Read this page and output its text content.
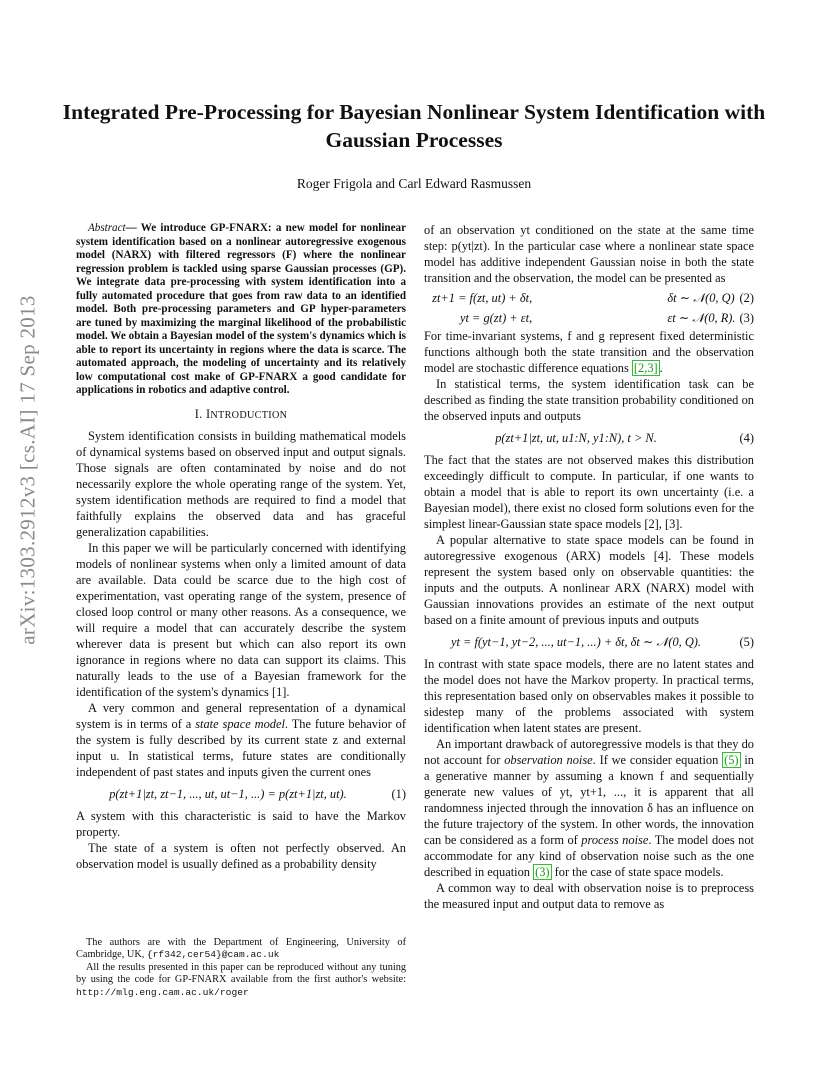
arXiv:1303.2912v3 [cs.AI] 17 Sep 2013
Integrated Pre-Processing for Bayesian Nonlinear System Identification with Gaussian Processes
Roger Frigola and Carl Edward Rasmussen

Abstract— We introduce GP-FNARX: a new model for nonlinear system identification based on a nonlinear autoregressive exogenous model (NARX) with filtered regressors (F) where the nonlinear regression problem is tackled using sparse Gaussian processes (GP). We integrate data pre-processing with system identification into a fully automated procedure that goes from raw data to an identified model. Both pre-processing parameters and GP hyper-parameters are tuned by maximizing the marginal likelihood of the probabilistic model. We obtain a Bayesian model of the system's dynamics which is able to report its uncertainty in regions where the data is scarce. The automated approach, the modeling of uncertainty and its relatively low computational cost make of GP-FNARX a good candidate for applications in robotics and adaptive control.

I. INTRODUCTION

System identification consists in building mathematical models of dynamical systems based on observed input and output signals. Those signals are often contaminated by noise and do not necessarily explore the whole operating range of the system. Yet, system identification methods are required to find a model that faithfully explains the observed data and has graceful generalization capabilities.

In this paper we will be particularly concerned with identifying models of nonlinear systems when only a limited amount of data are available. Data could be scarce due to the high cost of experimentation, vast operating range of the system, presence of closed loop control or many other reasons. As a consequence, we will require a model that can accurately describe the system wherever data is present but which can also report its own ignorance in regions where no data can support its claims. This naturally leads to the use of a Bayesian framework for the identification of the system's dynamics [1].

A very common and general representation of a dynamical system is in terms of a state space model. The future behavior of the system is fully described by its current state z and external input u. In statistical terms, future states are conditionally independent of past states and inputs given the current ones

p(zt+1|zt, zt−1, ..., ut, ut−1, ...) = p(zt+1|zt, ut).	(1)

A system with this characteristic is said to have the Markov property.

The state of a system is often not perfectly observed. An observation model is usually defined as a probability density

of an observation yt conditioned on the state at the same time step: p(yt|zt). In the particular case where a nonlinear state space model has additive independent Gaussian noise in both the state transition and the observation, the model can be presented as

zt+1 = f(zt, ut) + δt,	δt ∼ 𝒩(0, Q) (2)
yt = g(zt) + εt,	εt ∼ 𝒩(0, R). (3)

For time-invariant systems, f and g represent fixed deterministic functions although both the state transition and the observation model are stochastic difference equations [2,3] .

In statistical terms, the system identification task can be described as finding the state transition probability conditioned on the observed inputs and outputs

p(zt+1|zt, ut, u1:N, y1:N), t > N.	(4)

The fact that the states are not observed makes this distribution exceedingly difficult to compute. In particular, if one wants to obtain a model that is able to report its own uncertainty (i.e. a Bayesian model), there exist no closed form solutions even for the simplest linear-Gaussian state space models [2], [3].

A popular alternative to state space models can be found in autoregressive exogenous (ARX) models [4]. These models represent the system based only on observable quantities: the inputs and the outputs. A nonlinear ARX (NARX) model with Gaussian innovations provides an estimate of the next output based on a finite amount of previous inputs and outputs

yt = f(yt−1, yt−2, ..., ut−1, ...) + δt, δt ∼ 𝒩(0, Q).	(5)

In contrast with state space models, there are no latent states and the model does not have the Markov property. In practical terms, this representation based only on observables makes it possible to sidestep many of the problems associated with system identification when latent states are present.

An important drawback of autoregressive models is that they do not account for observation noise. If we consider equation (5) in a generative manner by assuming a known f and sequentially generate new values of yt, yt+1, ..., it is apparent that all randomness injected through the innovation δ has an influence on the future trajectory of the system. In other words, the innovation can be considered as a form of process noise. The model does not accommodate for any kind of observation noise such as the one described in equation (3) for the case of state space models.

A common way to deal with observation noise is to preprocess the measured input and output data to remove as

The authors are with the Department of Engineering, University of Cambridge, UK, {rf342,cer54}@cam.ac.uk

All the results presented in this paper can be reproduced without any tuning by using the code for GP-FNARX available from the first author's website: http://mlg.eng.cam.ac.uk/roger
